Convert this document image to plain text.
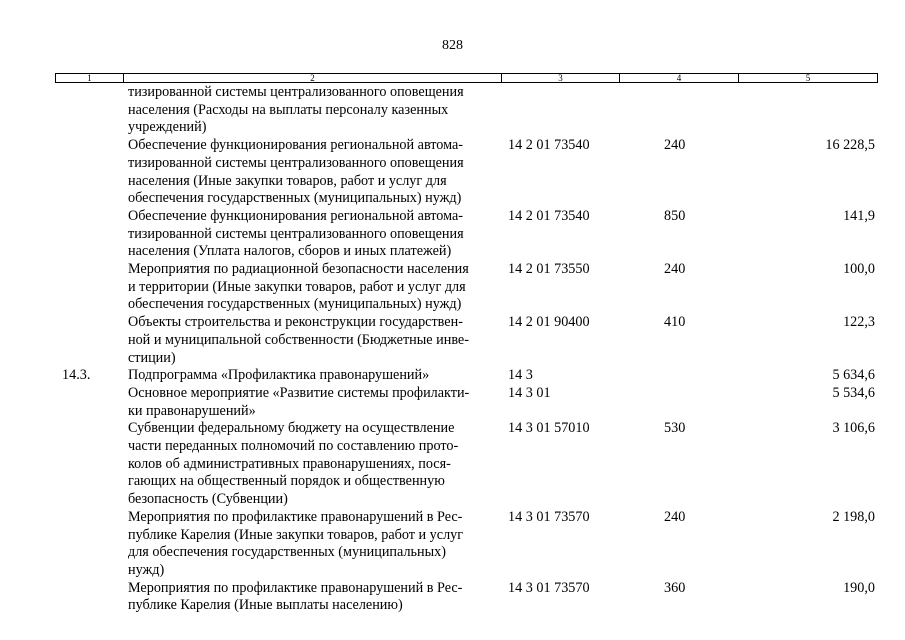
828
1	2	3	4	5
тизированной системы централизованного оповещения
населения (Расходы на выплаты персоналу казенных
учреждений)
Обеспечение функционирования региональной автома-
тизированной системы централизованного оповещения
населения (Иные закупки товаров, работ и услуг для
обеспечения государственных (муниципальных) нужд)
14 2 01 73540	240	16 228,5
Обеспечение функционирования региональной автома-
тизированной системы централизованного оповещения
населения (Уплата налогов, сборов и иных платежей)
14 2 01 73540	850	141,9
Мероприятия по радиационной безопасности населения
и территории (Иные закупки товаров, работ и услуг для
обеспечения государственных (муниципальных) нужд)
14 2 01 73550	240	100,0
Объекты строительства и реконструкции государствен-
ной и муниципальной собственности (Бюджетные инве-
стиции)
14 2 01 90400	410	122,3
14.3.	Подпрограмма «Профилактика правонарушений»	14 3	5 634,6
Основное мероприятие «Развитие системы профилакти-
ки правонарушений»
14 3 01	5 534,6
Субвенции федеральному бюджету на осуществление
части переданных полномочий по составлению прото-
колов об административных правонарушениях, пося-
гающих на общественный порядок и общественную
безопасность (Субвенции)
14 3 01 57010	530	3 106,6
Мероприятия по профилактике правонарушений в Рес-
публике Карелия (Иные закупки товаров, работ и услуг
для обеспечения государственных (муниципальных)
нужд)
14 3 01 73570	240	2 198,0
Мероприятия по профилактике правонарушений в Рес-
публике Карелия (Иные выплаты населению)
14 3 01 73570	360	190,0
